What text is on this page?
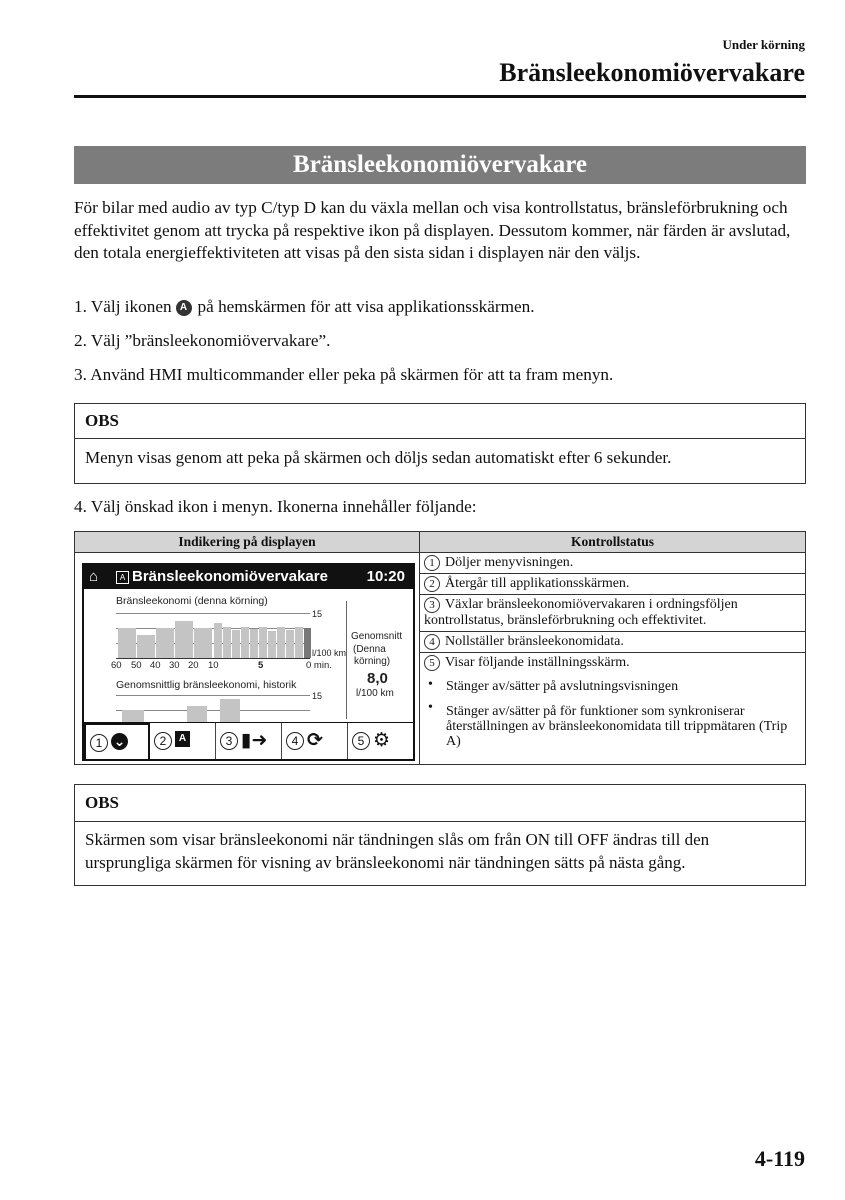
Under körning
Bränsleekonomiövervakare
Bränsleekonomiövervakare
För bilar med audio av typ C/typ D kan du växla mellan och visa kontrollstatus, bränsleförbrukning och effektivitet genom att trycka på respektive ikon på displayen. Dessutom kommer, när färden är avslutad, den totala energieffektiviteten att visas på den sista sidan i displayen när den väljs.
1. Välj ikonen A på hemskärmen för att visa applikationsskärmen.
2. Välj ”bränsleekonomiövervakare”.
3. Använd HMI multicommander eller peka på skärmen för att ta fram menyn.
OBS
Menyn visas genom att peka på skärmen och döljs sedan automatiskt efter 6 sekunder.
4. Välj önskad ikon i menyn. Ikonerna innehåller följande:
Indikering på displayen	Kontrollstatus
⌂	A Bränsleekonomiövervakare	10:20
Bränsleekonomi (denna körning)
15
l/100 km
60 50 40 30 20 10	5	0 min.
Genomsnitt
(Denna
körning)
8,0
l/100 km
Genomsnittlig bränsleekonomi, historik
15
1 ⌄	2	A	3 ▮➜	4 ⟳	5 ⚙
1 Döljer menyvisningen.
2 Återgår till applikationsskärmen.
3 Växlar bränsleekonomiövervakaren i ordningsföljen kontrollstatus, bränsleförbrukning och effektivitet.
4 Nollställer bränsleekonomidata.
5 Visar följande inställningsskärm.
• Stänger av/sätter på avslutningsvisningen
• Stänger av/sätter på för funktioner som synkroniserar återställningen av bränsleekonomidata till trippmätaren (Trip A)
OBS
Skärmen som visar bränsleekonomi när tändningen slås om från ON till OFF ändras till den ursprungliga skärmen för visning av bränsleekonomi när tändningen sätts på nästa gång.
4-119
